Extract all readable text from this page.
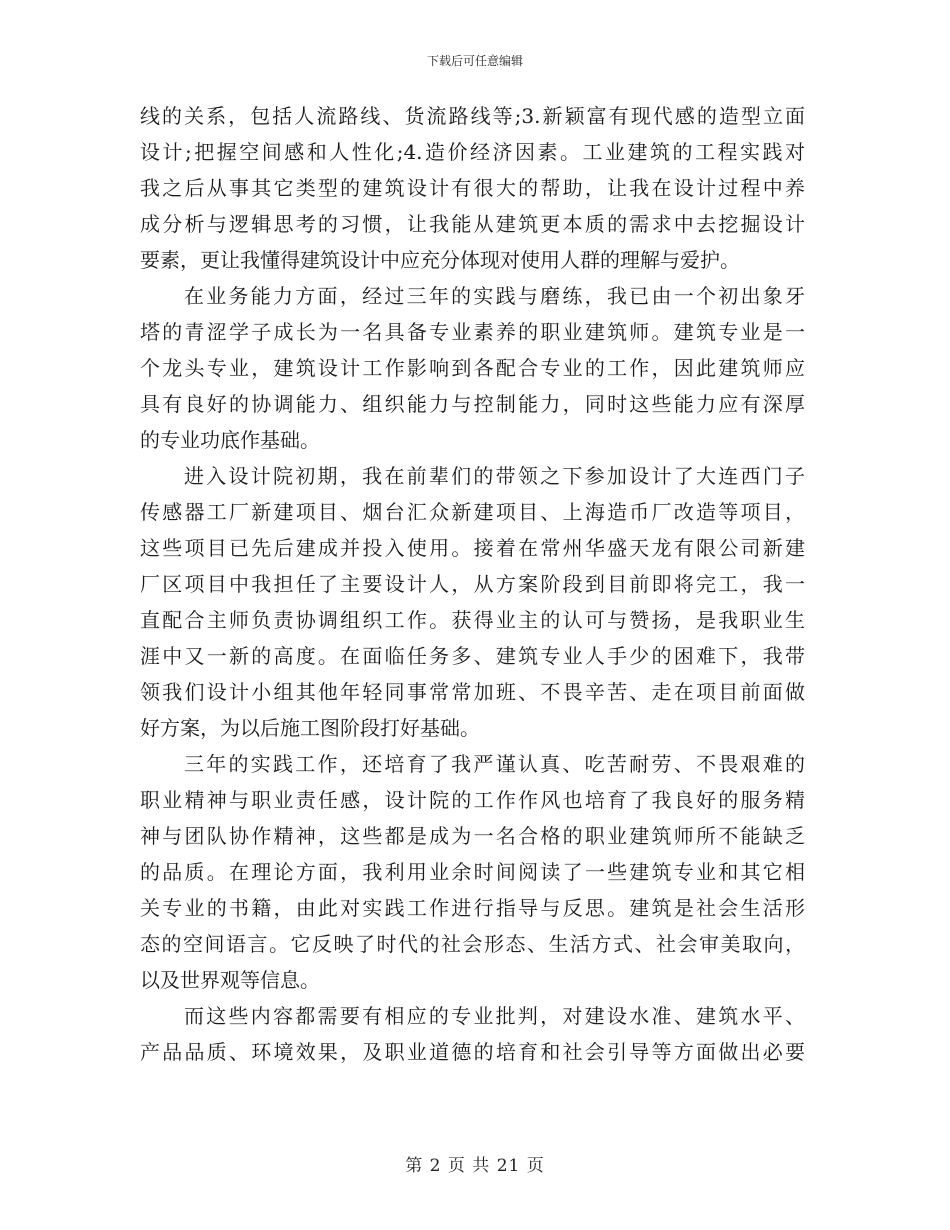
下载后可任意编辑
线的关系，包括人流路线、货流路线等;3.新颖富有现代感的造型立面
设计;把握空间感和人性化;4.造价经济因素。工业建筑的工程实践对
我之后从事其它类型的建筑设计有很大的帮助，让我在设计过程中养
成分析与逻辑思考的习惯，让我能从建筑更本质的需求中去挖掘设计
要素，更让我懂得建筑设计中应充分体现对使用人群的理解与爱护。
在业务能力方面，经过三年的实践与磨练，我已由一个初出象牙
塔的青涩学子成长为一名具备专业素养的职业建筑师。建筑专业是一
个龙头专业，建筑设计工作影响到各配合专业的工作，因此建筑师应
具有良好的协调能力、组织能力与控制能力，同时这些能力应有深厚
的专业功底作基础。
进入设计院初期，我在前辈们的带领之下参加设计了大连西门子
传感器工厂新建项目、烟台汇众新建项目、上海造币厂改造等项目，
这些项目已先后建成并投入使用。接着在常州华盛天龙有限公司新建
厂区项目中我担任了主要设计人，从方案阶段到目前即将完工，我一
直配合主师负责协调组织工作。获得业主的认可与赞扬，是我职业生
涯中又一新的高度。在面临任务多、建筑专业人手少的困难下，我带
领我们设计小组其他年轻同事常常加班、不畏辛苦、走在项目前面做
好方案，为以后施工图阶段打好基础。
三年的实践工作，还培育了我严谨认真、吃苦耐劳、不畏艰难的
职业精神与职业责任感，设计院的工作作风也培育了我良好的服务精
神与团队协作精神，这些都是成为一名合格的职业建筑师所不能缺乏
的品质。在理论方面，我利用业余时间阅读了一些建筑专业和其它相
关专业的书籍，由此对实践工作进行指导与反思。建筑是社会生活形
态的空间语言。它反映了时代的社会形态、生活方式、社会审美取向，
以及世界观等信息。
而这些内容都需要有相应的专业批判，对建设水准、建筑水平、
产品品质、环境效果，及职业道德的培育和社会引导等方面做出必要
第 2 页 共 21 页
